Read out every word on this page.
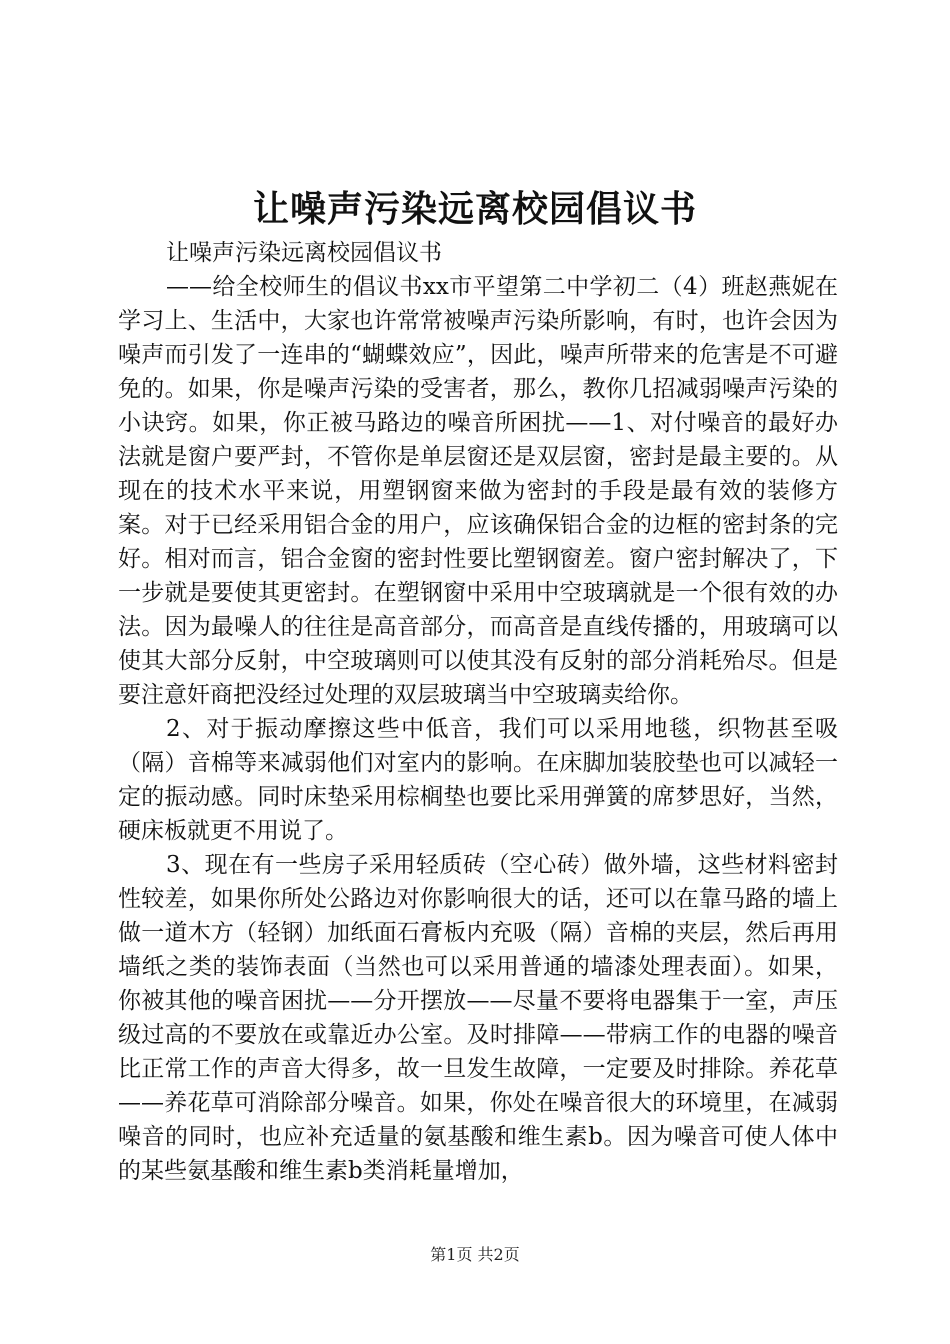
让噪声污染远离校园倡议书

让噪声污染远离校园倡议书

——给全校师生的倡议书xx市平望第二中学初二（4）班赵燕妮在学习上、生活中，大家也许常常被噪声污染所影响，有时，也许会因为噪声而引发了一连串的“蝴蝶效应”，因此，噪声所带来的危害是不可避免的。如果，你是噪声污染的受害者，那么，教你几招减弱噪声污染的小诀窍。如果，你正被马路边的噪音所困扰——1、对付噪音的最好办法就是窗户要严封，不管你是单层窗还是双层窗，密封是最主要的。从现在的技术水平来说，用塑钢窗来做为密封的手段是最有效的装修方案。对于已经采用铝合金的用户，应该确保铝合金的边框的密封条的完好。相对而言，铝合金窗的密封性要比塑钢窗差。窗户密封解决了，下一步就是要使其更密封。在塑钢窗中采用中空玻璃就是一个很有效的办法。因为最噪人的往往是高音部分，而高音是直线传播的，用玻璃可以使其大部分反射，中空玻璃则可以使其没有反射的部分消耗殆尽。但是要注意奸商把没经过处理的双层玻璃当中空玻璃卖给你。

2、对于振动摩擦这些中低音，我们可以采用地毯，织物甚至吸（隔）音棉等来减弱他们对室内的影响。在床脚加装胶垫也可以减轻一定的振动感。同时床垫采用棕榈垫也要比采用弹簧的席梦思好，当然，硬床板就更不用说了。

3、现在有一些房子采用轻质砖（空心砖）做外墙，这些材料密封性较差，如果你所处公路边对你影响很大的话，还可以在靠马路的墙上做一道木方（轻钢）加纸面石膏板内充吸（隔）音棉的夹层，然后再用墙纸之类的装饰表面（当然也可以采用普通的墙漆处理表面）。如果，你被其他的噪音困扰——分开摆放——尽量不要将电器集于一室，声压级过高的不要放在或靠近办公室。及时排障——带病工作的电器的噪音比正常工作的声音大得多，故一旦发生故障，一定要及时排除。养花草——养花草可消除部分噪音。如果，你处在噪音很大的环境里，在减弱噪音的同时，也应补充适量的氨基酸和维生素b。因为噪音可使人体中的某些氨基酸和维生素b类消耗量增加，

第1页 共2页
